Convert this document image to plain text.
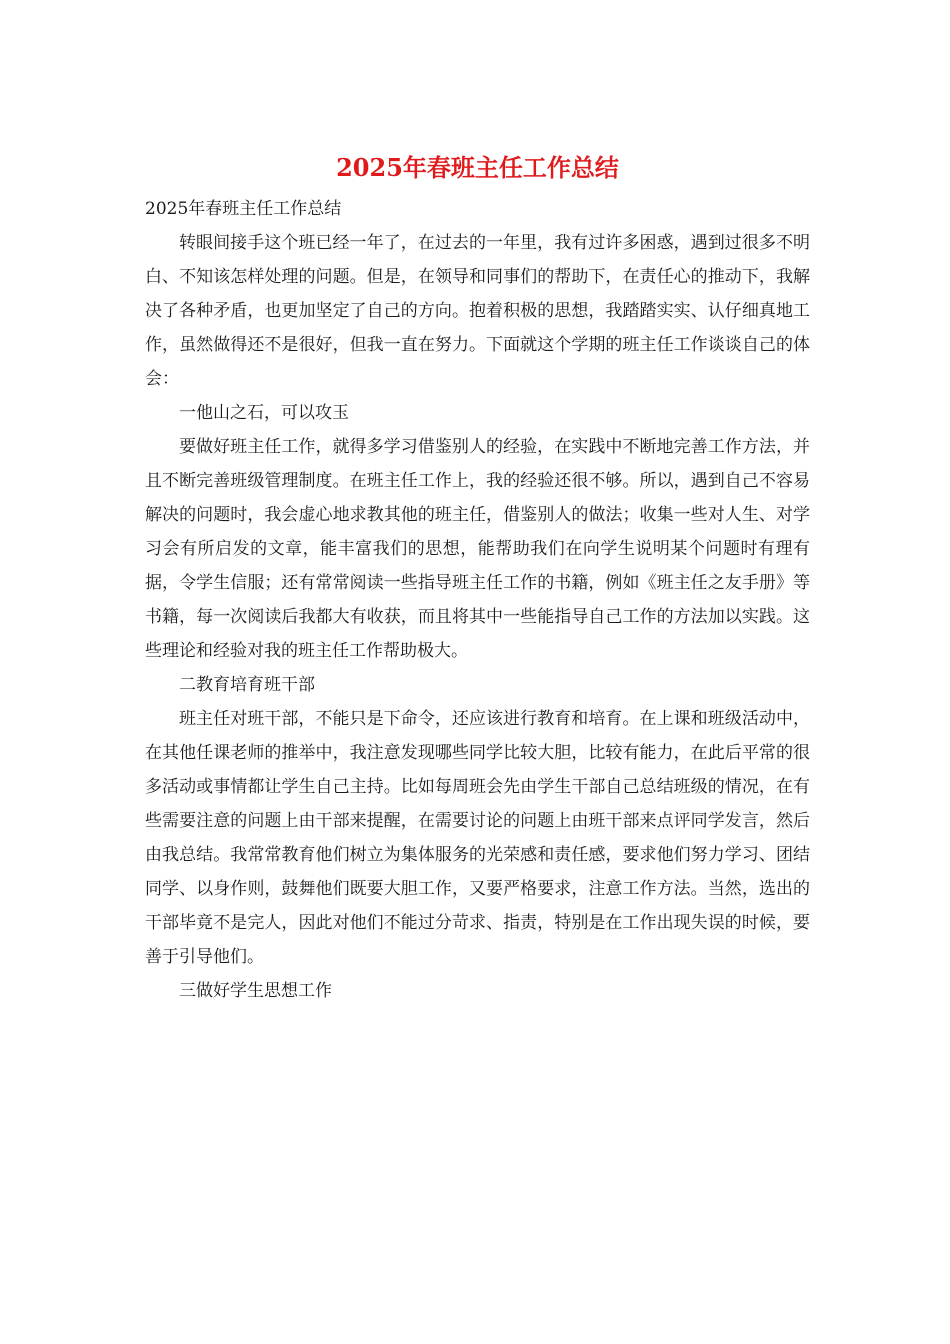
2025年春班主任工作总结

2025年春班主任工作总结

转眼间接手这个班已经一年了，在过去的一年里，我有过许多困惑，遇到过很多不明白、不知该怎样处理的问题。但是，在领导和同事们的帮助下，在责任心的推动下，我解决了各种矛盾，也更加坚定了自己的方向。抱着积极的思想，我踏踏实实、认仔细真地工作，虽然做得还不是很好，但我一直在努力。下面就这个学期的班主任工作谈谈自己的体会：

一他山之石，可以攻玉

要做好班主任工作，就得多学习借鉴别人的经验，在实践中不断地完善工作方法，并且不断完善班级管理制度。在班主任工作上，我的经验还很不够。所以，遇到自己不容易解决的问题时，我会虚心地求教其他的班主任，借鉴别人的做法；收集一些对人生、对学习会有所启发的文章，能丰富我们的思想，能帮助我们在向学生说明某个问题时有理有据，令学生信服；还有常常阅读一些指导班主任工作的书籍，例如《班主任之友手册》等书籍，每一次阅读后我都大有收获，而且将其中一些能指导自己工作的方法加以实践。这些理论和经验对我的班主任工作帮助极大。

二教育培育班干部

班主任对班干部，不能只是下命令，还应该进行教育和培育。在上课和班级活动中，在其他任课老师的推举中，我注意发现哪些同学比较大胆，比较有能力，在此后平常的很多活动或事情都让学生自己主持。比如每周班会先由学生干部自己总结班级的情况，在有些需要注意的问题上由干部来提醒，在需要讨论的问题上由班干部来点评同学发言，然后由我总结。我常常教育他们树立为集体服务的光荣感和责任感，要求他们努力学习、团结同学、以身作则，鼓舞他们既要大胆工作，又要严格要求，注意工作方法。当然，选出的干部毕竟不是完人，因此对他们不能过分苛求、指责，特别是在工作出现失误的时候，要善于引导他们。

三做好学生思想工作
